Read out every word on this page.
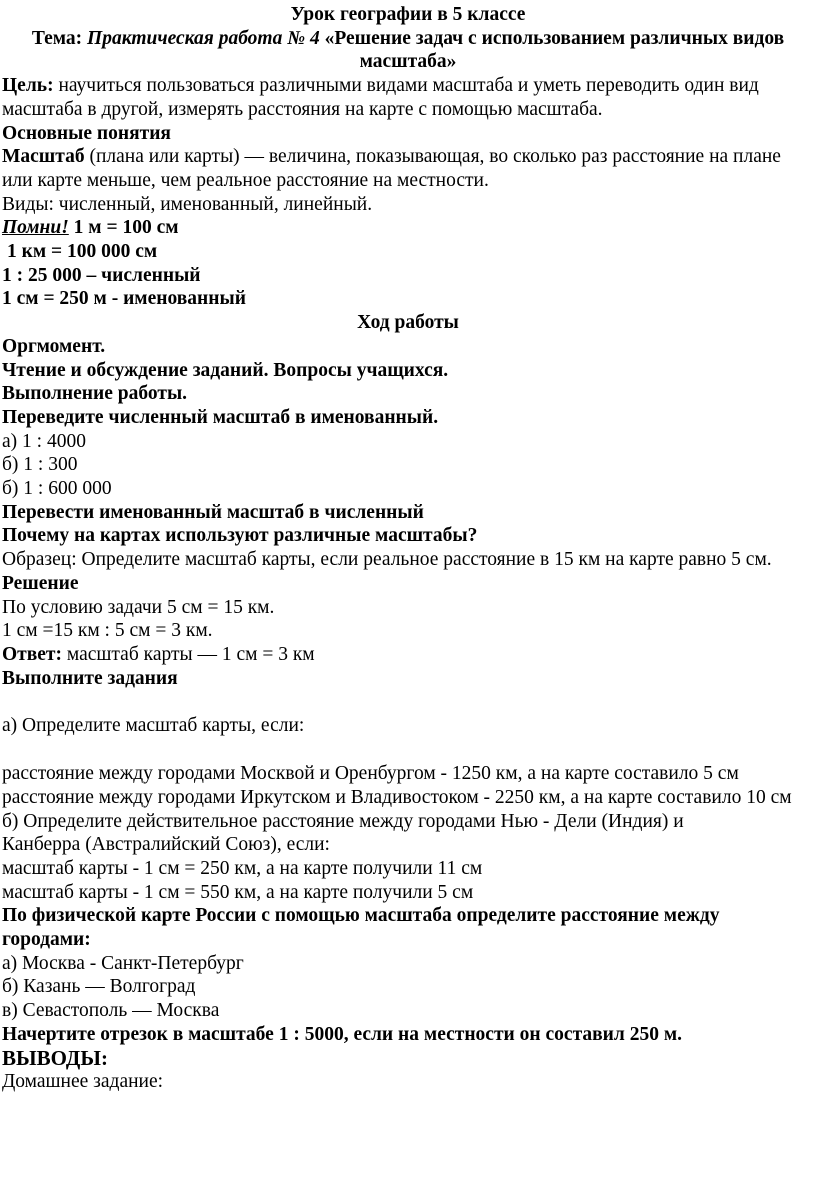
Урок географии в 5 классе
Тема: Практическая работа № 4 «Решение задач с использованием различных видов масштаба»
Цель: научиться пользоваться различными видами масштаба и уметь переводить один вид масштаба в другой, измерять расстояния на карте с помощью масштаба.
Основные понятия
Масштаб (плана или карты) — величина, показывающая, во сколько раз расстояние на плане или карте меньше, чем реальное расстояние на местности.
Виды: численный, именованный, линейный.
Помни! 1 м = 100 см
1 км = 100 000 см
1 : 25 000 – численный
1 см = 250 м - именованный
Ход работы
Оргмомент.
Чтение и обсуждение заданий. Вопросы учащихся.
Выполнение работы.
Переведите численный масштаб в именованный.
а) 1 : 4000
б) 1 : 300
б) 1 : 600 000
Перевести именованный масштаб в численный
Почему на картах используют различные масштабы?
Образец: Определите масштаб карты, если реальное расстояние в 15 км на карте равно 5 см.
Решение
По условию задачи 5 см = 15 км.
1 см =15 км : 5 см = 3 км.
Ответ: масштаб карты — 1 см = 3 км
Выполните задания
а) Определите масштаб карты, если:
расстояние между городами Москвой и Оренбургом - 1250 км, а на карте составило 5 см
расстояние между городами Иркутском и Владивостоком - 2250 км, а на карте составило 10 см
б) Определите действительное расстояние между городами Нью - Дели (Индия) и Канберра (Австралийский Союз), если:
масштаб карты - 1 см = 250 км, а на карте получили 11 см
масштаб карты - 1 см = 550 км, а на карте получили 5 см
По физической карте России с помощью масштаба определите расстояние между городами:
а) Москва - Санкт-Петербург
б) Казань — Волгоград
в) Севастополь — Москва
Начертите отрезок в масштабе 1 : 5000, если на местности он составил 250 м.
ВЫВОДЫ:
Домашнее задание:
